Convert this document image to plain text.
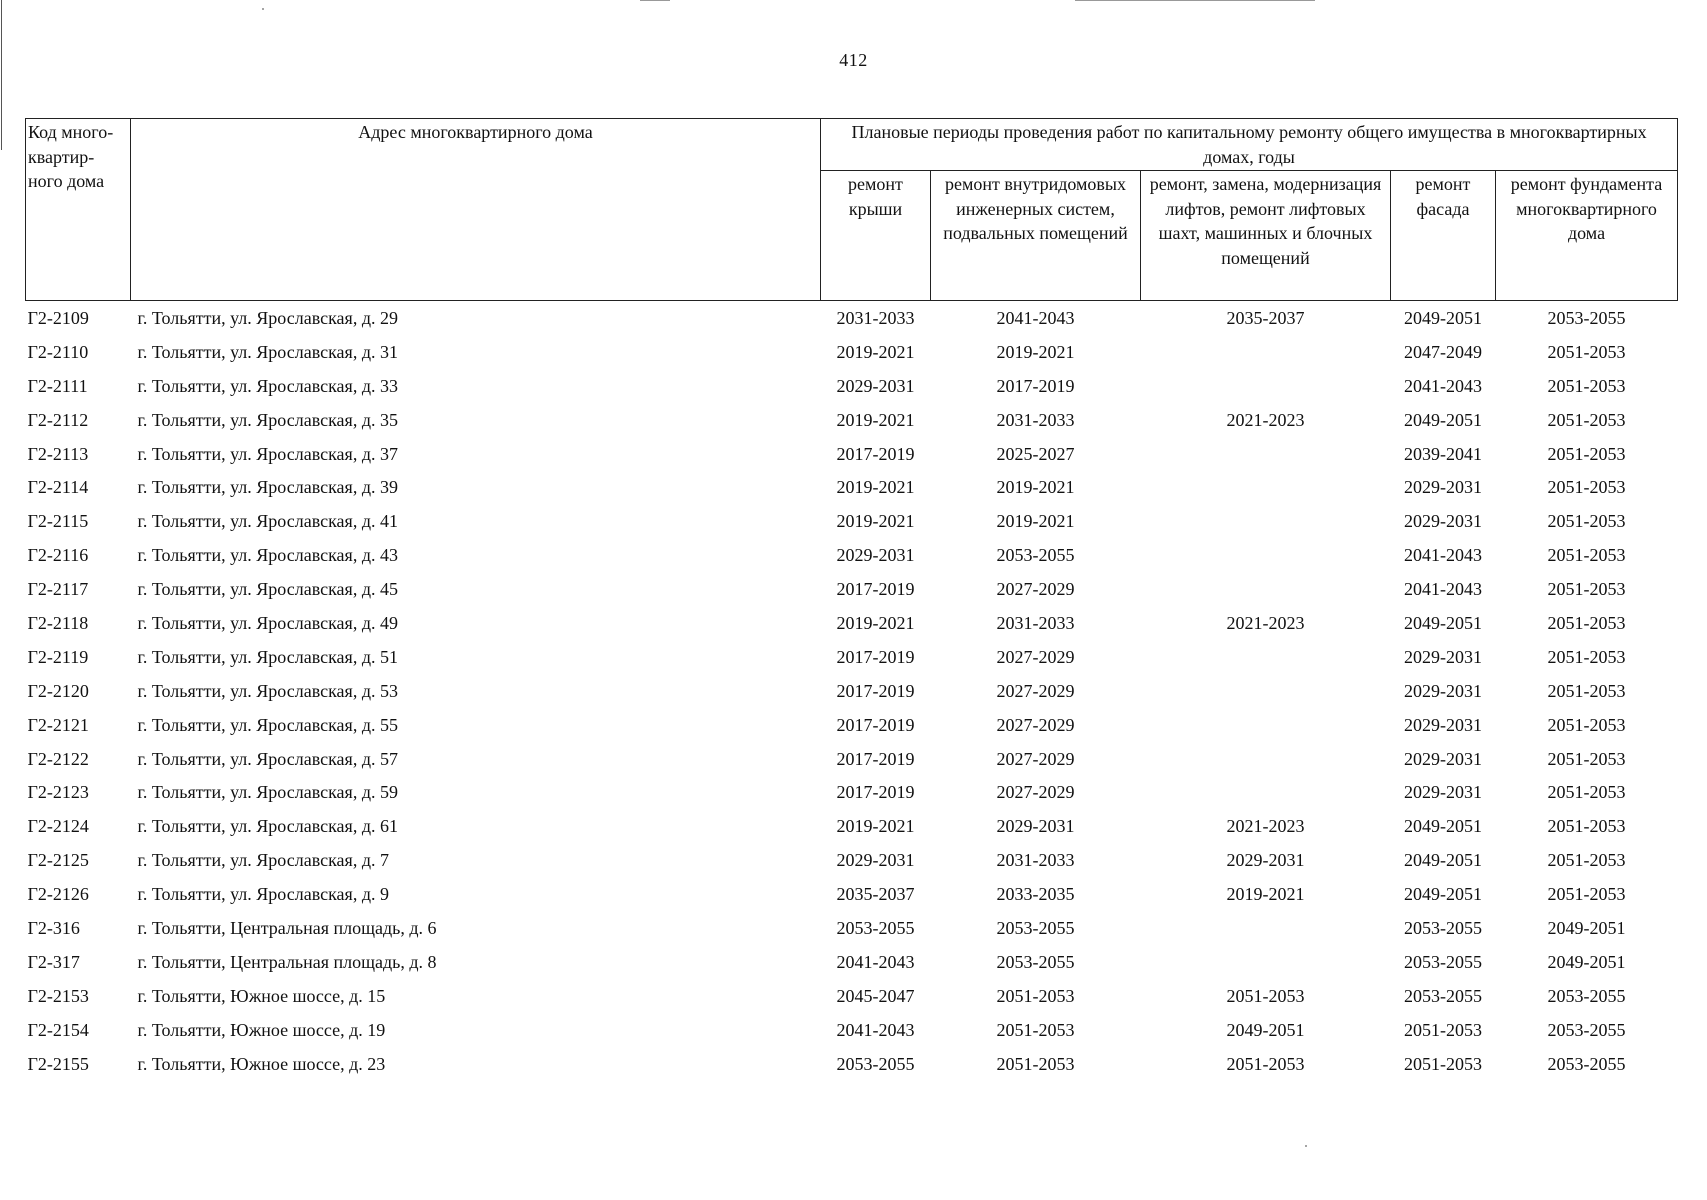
412
Код много-квартир-ного дома	Адрес многоквартирного дома	Плановые периоды проведения работ по капитальному ремонту общего имущества в многоквартирных домах, годы				
		ремонт крыши	ремонт внутридомовых инженерных систем, подвальных помещений	ремонт, замена, модернизация лифтов, ремонт лифтовых шахт, машинных и блочных помещений	ремонт фасада	ремонт фундамента многоквартирного дома
Г2-2109	г. Тольятти, ул. Ярославская, д. 29	2031-2033	2041-2043	2035-2037	2049-2051	2053-2055
Г2-2110	г. Тольятти, ул. Ярославская, д. 31	2019-2021	2019-2021		2047-2049	2051-2053
Г2-2111	г. Тольятти, ул. Ярославская, д. 33	2029-2031	2017-2019		2041-2043	2051-2053
Г2-2112	г. Тольятти, ул. Ярославская, д. 35	2019-2021	2031-2033	2021-2023	2049-2051	2051-2053
Г2-2113	г. Тольятти, ул. Ярославская, д. 37	2017-2019	2025-2027		2039-2041	2051-2053
Г2-2114	г. Тольятти, ул. Ярославская, д. 39	2019-2021	2019-2021		2029-2031	2051-2053
Г2-2115	г. Тольятти, ул. Ярославская, д. 41	2019-2021	2019-2021		2029-2031	2051-2053
Г2-2116	г. Тольятти, ул. Ярославская, д. 43	2029-2031	2053-2055		2041-2043	2051-2053
Г2-2117	г. Тольятти, ул. Ярославская, д. 45	2017-2019	2027-2029		2041-2043	2051-2053
Г2-2118	г. Тольятти, ул. Ярославская, д. 49	2019-2021	2031-2033	2021-2023	2049-2051	2051-2053
Г2-2119	г. Тольятти, ул. Ярославская, д. 51	2017-2019	2027-2029		2029-2031	2051-2053
Г2-2120	г. Тольятти, ул. Ярославская, д. 53	2017-2019	2027-2029		2029-2031	2051-2053
Г2-2121	г. Тольятти, ул. Ярославская, д. 55	2017-2019	2027-2029		2029-2031	2051-2053
Г2-2122	г. Тольятти, ул. Ярославская, д. 57	2017-2019	2027-2029		2029-2031	2051-2053
Г2-2123	г. Тольятти, ул. Ярославская, д. 59	2017-2019	2027-2029		2029-2031	2051-2053
Г2-2124	г. Тольятти, ул. Ярославская, д. 61	2019-2021	2029-2031	2021-2023	2049-2051	2051-2053
Г2-2125	г. Тольятти, ул. Ярославская, д. 7	2029-2031	2031-2033	2029-2031	2049-2051	2051-2053
Г2-2126	г. Тольятти, ул. Ярославская, д. 9	2035-2037	2033-2035	2019-2021	2049-2051	2051-2053
Г2-316	г. Тольятти, Центральная площадь, д. 6	2053-2055	2053-2055		2053-2055	2049-2051
Г2-317	г. Тольятти, Центральная площадь, д. 8	2041-2043	2053-2055		2053-2055	2049-2051
Г2-2153	г. Тольятти, Южное шоссе, д. 15	2045-2047	2051-2053	2051-2053	2053-2055	2053-2055
Г2-2154	г. Тольятти, Южное шоссе, д. 19	2041-2043	2051-2053	2049-2051	2051-2053	2053-2055
Г2-2155	г. Тольятти, Южное шоссе, д. 23	2053-2055	2051-2053	2051-2053	2051-2053	2053-2055
